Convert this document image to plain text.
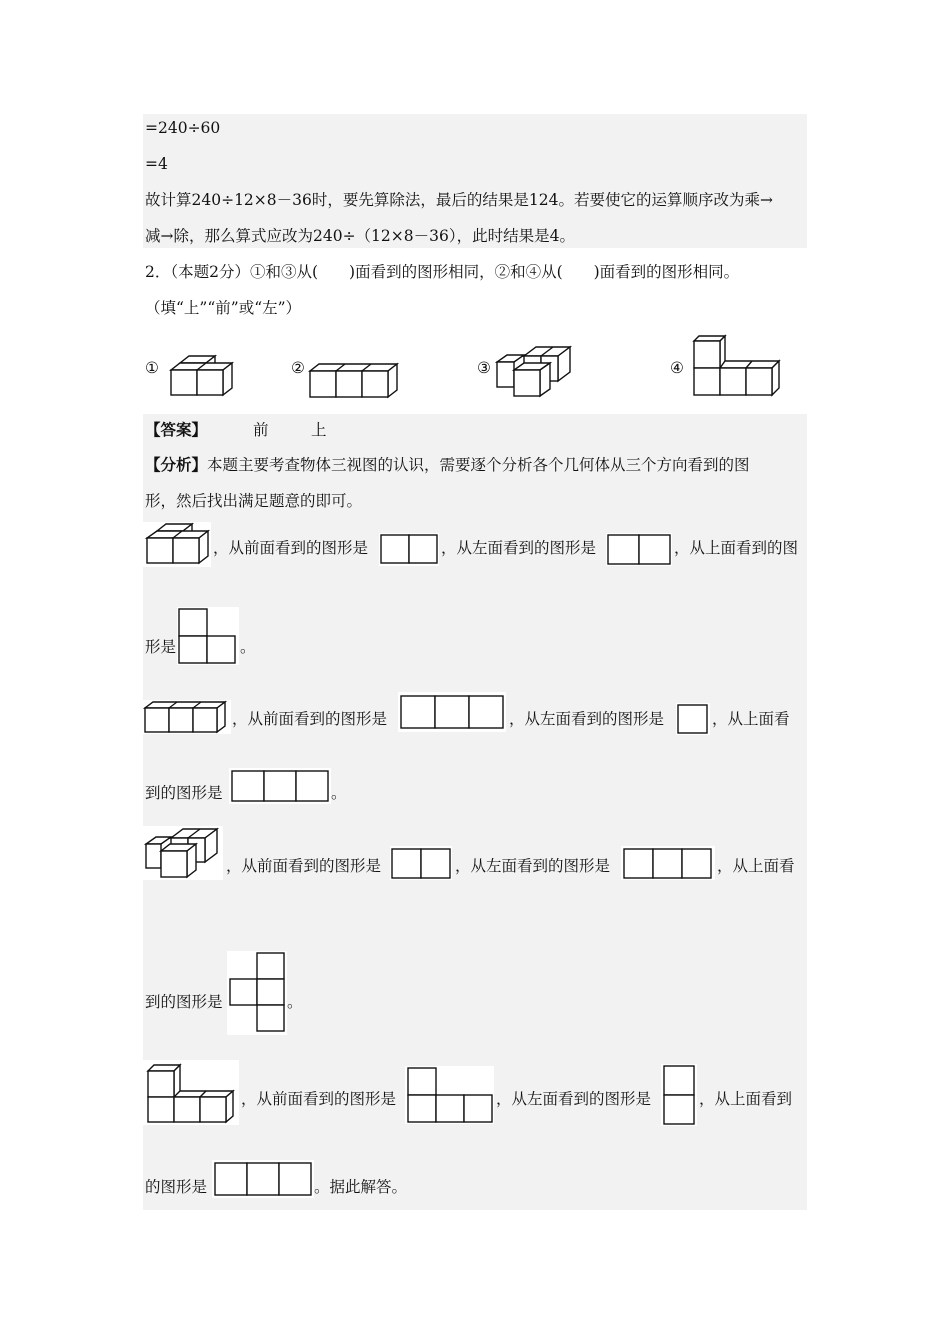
=240÷60
=4
故计算240÷12×8－36时，要先算除法，最后的结果是124。若要使它的运算顺序改为乘→
减→除，那么算式应改为240÷（12×8－36），此时结果是4。
2．（本题2分）①和③从(　　)面看到的图形相同，②和④从(　　)面看到的图形相同。
（填“上”“前”或“左”）
①	②	③	④
【答案】	前	上
【分析】本题主要考查物体三视图的认识，需要逐个分析各个几何体从三个方向看到的图
形，然后找出满足题意的即可。
，从前面看到的图形是	，从左面看到的图形是	，从上面看到的图
形是	。
，从前面看到的图形是	，从左面看到的图形是	，从上面看
到的图形是	。
，从前面看到的图形是	，从左面看到的图形是	，从上面看
到的图形是	。
，从前面看到的图形是	，从左面看到的图形是	，从上面看到
的图形是	。据此解答。
